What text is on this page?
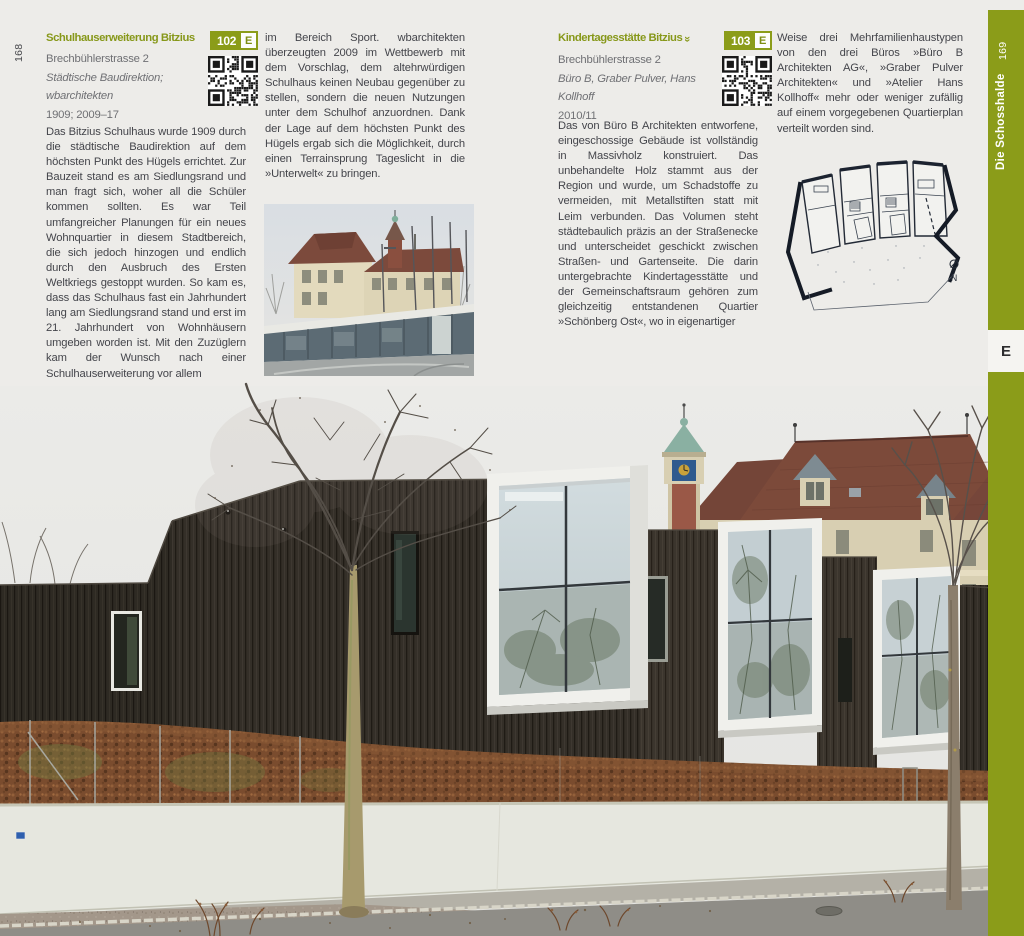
168
Schulhauserweiterung Bitzius
Brechbühlerstrasse 2
Städtische Baudirektion;
wbarchitekten
1909; 2009–17
102 E
Das Bitzius Schulhaus wurde 1909 durch die städtische Baudirektion auf dem höchsten Punkt des Hügels errichtet. Zur Bauzeit stand es am Siedlungsrand und man fragt sich, woher all die Schüler kommen sollten. Es war Teil umfangreicher Planungen für ein neues Wohnquartier in diesem Stadtbereich, die sich jedoch hinzogen und endlich durch den Ausbruch des Ersten Weltkriegs gestoppt wurden. So kam es, dass das Schulhaus fast ein Jahrhundert lang am Siedlungsrand stand und erst im 21. Jahrhundert von Wohnhäusern umgeben worden ist. Mit den Zuzüglern kam der Wunsch nach einer Schulhauserweiterung vor allem
im Bereich Sport. wbarchitekten überzeugten 2009 im Wettbewerb mit dem Vorschlag, dem altehrwürdigen Schulhaus keinen Neubau gegenüber zu stellen, sondern die neuen Nutzungen unter dem Schulhof anzuordnen. Dank der Lage auf dem höchsten Punkt des Hügels ergab sich die Möglichkeit, durch einen Terrainsprung Tageslicht in die »Unterwelt« zu bringen.
Kindertagesstätte Bitzius»
Brechbühlerstrasse 2
Büro B, Graber Pulver, Hans Kollhoff
2010/11
103 E
Das von Büro B Architekten entworfene, eingeschossige Gebäude ist vollständig in Massivholz konstruiert. Das unbehandelte Holz stammt aus der Region und wurde, um Schadstoffe zu vermeiden, mit Metallstiften statt mit Leim verbunden. Das Volumen steht städtebaulich präzis an der Straßenecke und unterscheidet geschickt zwischen Straßen- und Gartenseite. Die darin untergebrachte Kindertagesstätte und der Gemeinschaftsraum gehören zum gleichzeitig entstandenen Quartier »Schönberg Ost«, wo in eigenartiger
Weise drei Mehrfamilienhaustypen von den drei Büros »Büro B Architekten AG«, »Graber Pulver Architekten« und »Atelier Hans Kollhoff« mehr oder weniger zufällig auf einem vorgegebenen Quartierplan verteilt worden sind.
N
169
Die Schosshalde
E
